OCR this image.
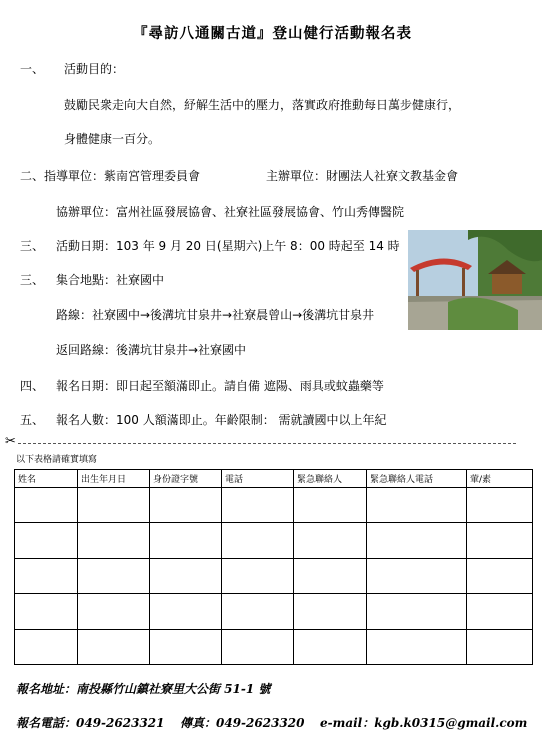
『尋訪八通關古道』登山健行活動報名表
一、 活動目的：
鼓勵民衆走向大自然，紓解生活中的壓力，落實政府推動每日萬步健康行，
身體健康一百分。
二、 指導單位：紫南宮管理委員會	主辦單位：財團法人社寮文教基金會
協辦單位：富州社區發展協會、社寮社區發展協會、竹山秀傳醫院
三、 活動日期：103 年 9 月 20 日(星期六)上午 8：00 時起至 14 時
三、 集合地點：社寮國中
路線：社寮國中→後溝坑甘泉井→社寮晨曾山→後溝坑甘泉井
返回路線：後溝坑甘泉井→社寮國中
四、 報名日期：即日起至額滿即止。請自備 遮陽、雨具或蚊蟲藥等
五、 報名人數：100 人額滿即止。年齡限制： 需就讀國中以上年紀
✂
以下表格請確實填寫
姓名	出生年月日	身份證字號	電話	緊急聯絡人	緊急聯絡人電話	葷/素

報名地址：南投縣竹山鎮社寮里大公街 51-1 號
報名電話：049-2623321 傳真：049-2623320 e-mail：kgb.k0315@gmail.com
